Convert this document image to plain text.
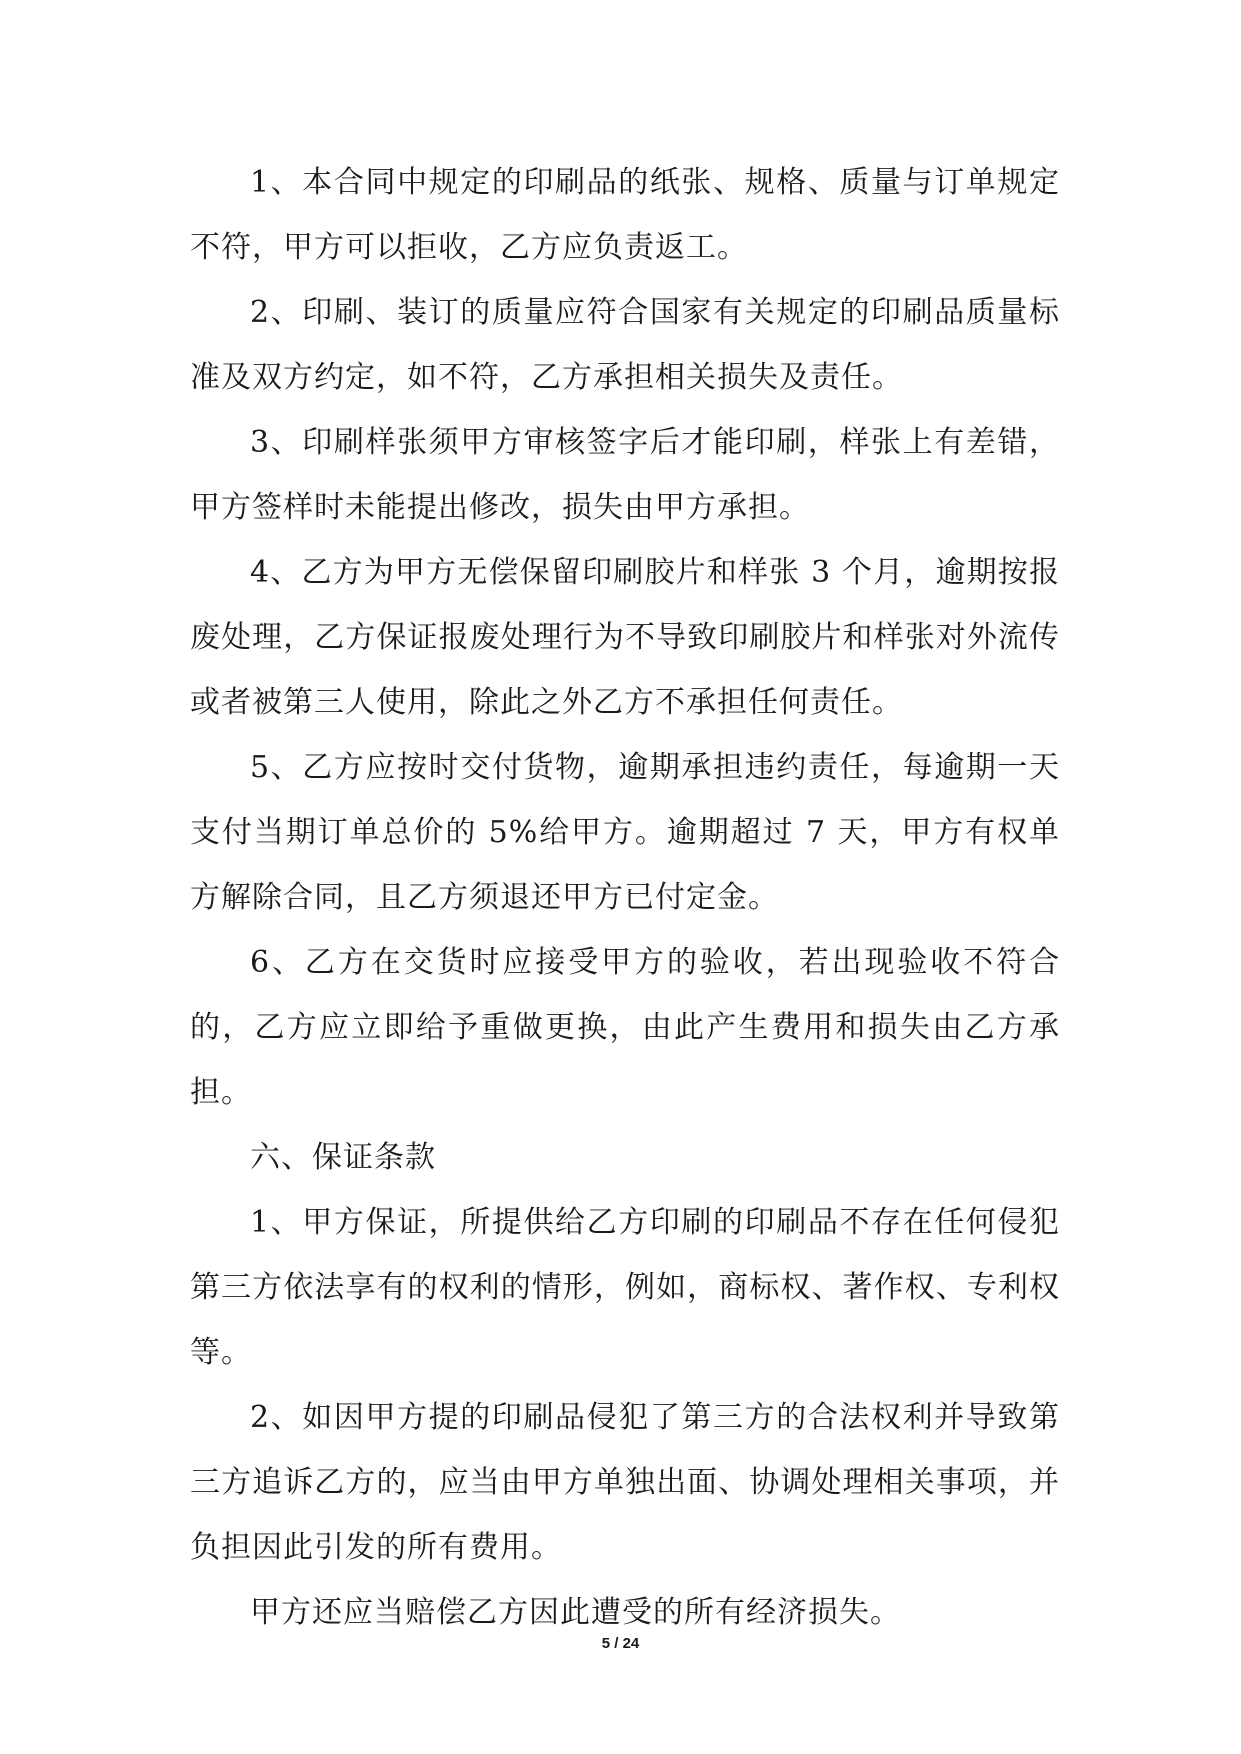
1、本合同中规定的印刷品的纸张、规格、质量与订单规定不符，甲方可以拒收，乙方应负责返工。

2、印刷、装订的质量应符合国家有关规定的印刷品质量标准及双方约定，如不符，乙方承担相关损失及责任。

3、印刷样张须甲方审核签字后才能印刷，样张上有差错，甲方签样时未能提出修改，损失由甲方承担。

4、乙方为甲方无偿保留印刷胶片和样张 3 个月，逾期按报废处理，乙方保证报废处理行为不导致印刷胶片和样张对外流传或者被第三人使用，除此之外乙方不承担任何责任。

5、乙方应按时交付货物，逾期承担违约责任，每逾期一天支付当期订单总价的 5%给甲方。逾期超过 7 天，甲方有权单方解除合同，且乙方须退还甲方已付定金。

6、乙方在交货时应接受甲方的验收，若出现验收不符合的，乙方应立即给予重做更换，由此产生费用和损失由乙方承担。

六、保证条款

1、甲方保证，所提供给乙方印刷的印刷品不存在任何侵犯第三方依法享有的权利的情形，例如，商标权、著作权、专利权等。

2、如因甲方提的印刷品侵犯了第三方的合法权利并导致第三方追诉乙方的，应当由甲方单独出面、协调处理相关事项，并负担因此引发的所有费用。

甲方还应当赔偿乙方因此遭受的所有经济损失。

5 / 24
